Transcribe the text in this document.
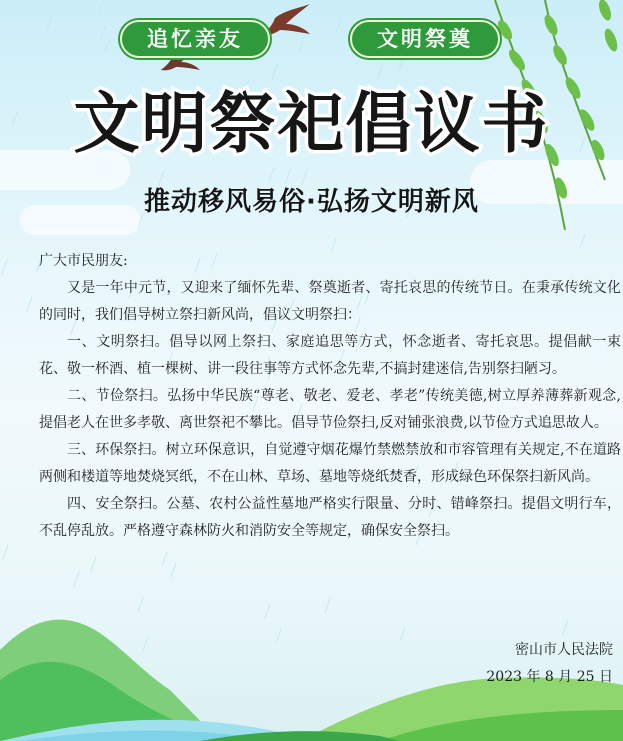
追忆亲友	文明祭奠
文明祭祀倡议书
推动移风易俗·弘扬文明新风

广大市民朋友:

又是一年中元节，又迎来了缅怀先辈、祭奠逝者、寄托哀思的传统节日。在秉承传统文化的同时，我们倡导树立祭扫新风尚，倡议文明祭扫：

一、文明祭扫。倡导以网上祭扫、家庭追思等方式，怀念逝者、寄托哀思。提倡献一束花、敬一杯酒、植一棵树、讲一段往事等方式怀念先辈,不搞封建迷信,告别祭扫陋习。

二、节俭祭扫。弘扬中华民族“尊老、敬老、爱老、孝老”传统美德,树立厚养薄葬新观念,提倡老人在世多孝敬、离世祭祀不攀比。倡导节俭祭扫,反对铺张浪费,以节俭方式追思故人。

三、环保祭扫。树立环保意识，自觉遵守烟花爆竹禁燃禁放和市容管理有关规定,不在道路两侧和楼道等地焚烧冥纸，不在山林、草场、墓地等烧纸焚香，形成绿色环保祭扫新风尚。

四、安全祭扫。公墓、农村公益性墓地严格实行限量、分时、错峰祭扫。提倡文明行车，不乱停乱放。严格遵守森林防火和消防安全等规定，确保安全祭扫。

密山市人民法院

2023 年 8 月 25 日
